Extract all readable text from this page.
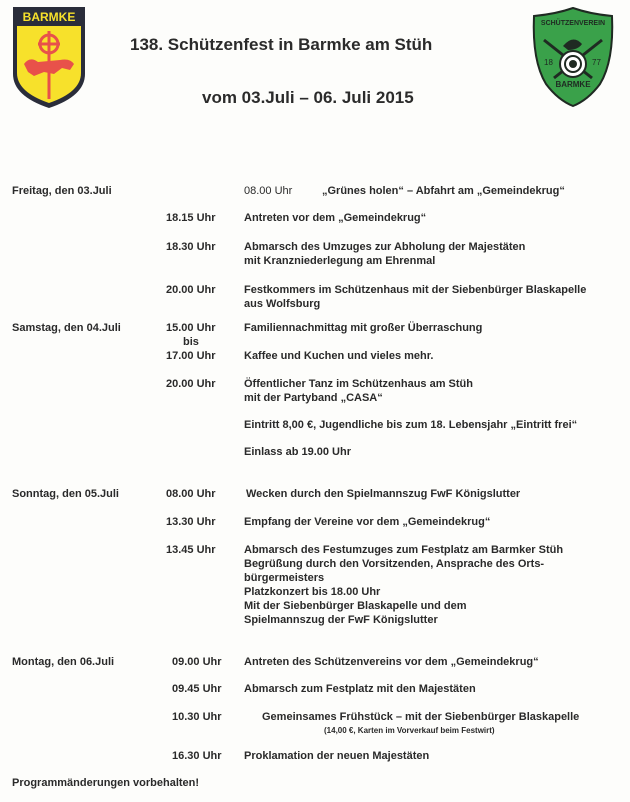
BARMKE	SCHÜTZENVEREIN
18	77
BARMKE
138. Schützenfest in Barmke am Stüh
vom 03.Juli – 06. Juli 2015
Freitag, den 03.Juli	08.00 Uhr	„Grünes holen“ – Abfahrt am „Gemeindekrug“
18.15 Uhr	Antreten vor dem „Gemeindekrug“
18.30 Uhr	Abmarsch des Umzuges zur Abholung der Majestäten
mit Kranzniederlegung am Ehrenmal
20.00 Uhr	Festkommers im Schützenhaus mit der Siebenbürger Blaskapelle
aus Wolfsburg
Samstag, den 04.Juli	15.00 Uhr	Familiennachmittag mit großer Überraschung
bis
17.00 Uhr	Kaffee und Kuchen und vieles mehr.
20.00 Uhr	Öffentlicher Tanz im Schützenhaus am Stüh
mit der Partyband „CASA“
Eintritt 8,00 €, Jugendliche bis zum 18. Lebensjahr „Eintritt frei“
Einlass ab 19.00 Uhr
Sonntag, den 05.Juli	08.00 Uhr	Wecken durch den Spielmannszug FwF Königslutter
13.30 Uhr	Empfang der Vereine vor dem „Gemeindekrug“
13.45 Uhr	Abmarsch des Festumzuges zum Festplatz am Barmker Stüh
Begrüßung durch den Vorsitzenden, Ansprache des Orts-
bürgermeisters
Platzkonzert bis 18.00 Uhr
Mit der Siebenbürger Blaskapelle und dem
Spielmannszug der FwF Königslutter
Montag, den 06.Juli	09.00 Uhr Antreten des Schützenvereins vor dem „Gemeindekrug“
09.45 Uhr Abmarsch zum Festplatz mit den Majestäten
10.30 Uhr	Gemeinsames Frühstück – mit der Siebenbürger Blaskapelle
(14,00 €, Karten im Vorverkauf beim Festwirt)
16.30 Uhr Proklamation der neuen Majestäten
Programmänderungen vorbehalten!
